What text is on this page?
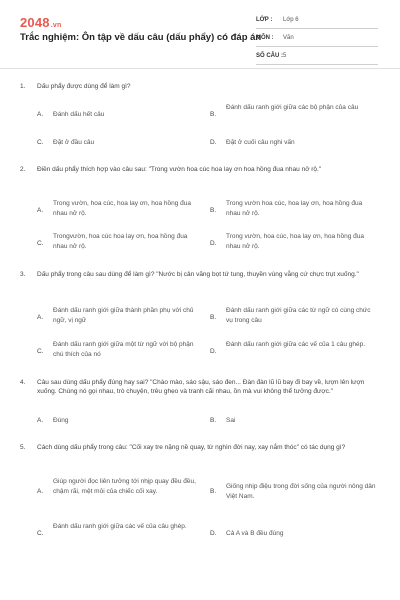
2048.vn
Trắc nghiệm: Ôn tập về dấu câu (dấu phẩy) có đáp án
LỚP : Lớp 6
MÔN : Văn
SỐ CÂU : 5
1. Dấu phẩy được dùng để làm gì?
A. Đánh dấu hết câu	B.
Đánh dấu ranh giới giữa các bộ phận của câu
C. Đặt ở đầu câu	D. Đặt ở cuối câu nghi vấn
2. Điền dấu phẩy thích hợp vào câu sau: "Trong vườn hoa cúc hoa lay ơn hoa hồng đua nhau nở rộ."
A.
Trong vườn, hoa cúc, hoa lay ơn, hoa hồng đua nhau nở rộ.	B.
Trong vườn hoa cúc, hoa lay ơn, hoa hồng đua nhau nở rộ.
C.
Trongvườn, hoa cúc hoa lay ơn, hoa hồng đua nhau nở rộ.	D.
Trong vườn, hoa cúc, hoa lay ơn, hoa hồng đua nhau nở rộ.
3. Dấu phẩy trong câu sau dùng để làm gì? "Nước bị cản văng bọt tứ tung, thuyền vùng vằng cứ chực trụt xuống."
A.
Đánh dấu ranh giới giữa thành phần phụ với chủ ngữ, vị ngữ	B.
Đánh dấu ranh giới giữa các từ ngữ có cùng chức vụ trong câu
C.
Đánh dấu ranh giới giữa một từ ngữ với bộ phận chú thích của nó	D.
Đánh dấu ranh giới giữa các vế của 1 câu ghép.
4. Câu sau dùng dấu phẩy đúng hay sai? "Chào mào, sáo sậu, sáo đen... Đàn đàn lũ lũ bay đi bay về, lượn lên lượn xuống. Chúng nó gọi nhau, trò chuyện, trêu ghẹo và tranh cãi nhau, ồn mà vui không thể tưởng được."
A. Đúng	B. Sai
5. Cách dùng dấu phẩy trong câu: "Cối xay tre nặng nề quay, từ nghìn đời nay, xay nắm thóc" có tác dụng gì?
A.
Giúp người đọc liên tưởng tới nhịp quay đều đều, chậm rãi, mệt mỏi của chiếc cối xay.	B.
Giống nhịp điệu trong đời sống của người nông dân Việt Nam.
C.
Đánh dấu ranh giới giữa các vế của câu ghép.
D. Cả A và B đều đúng
